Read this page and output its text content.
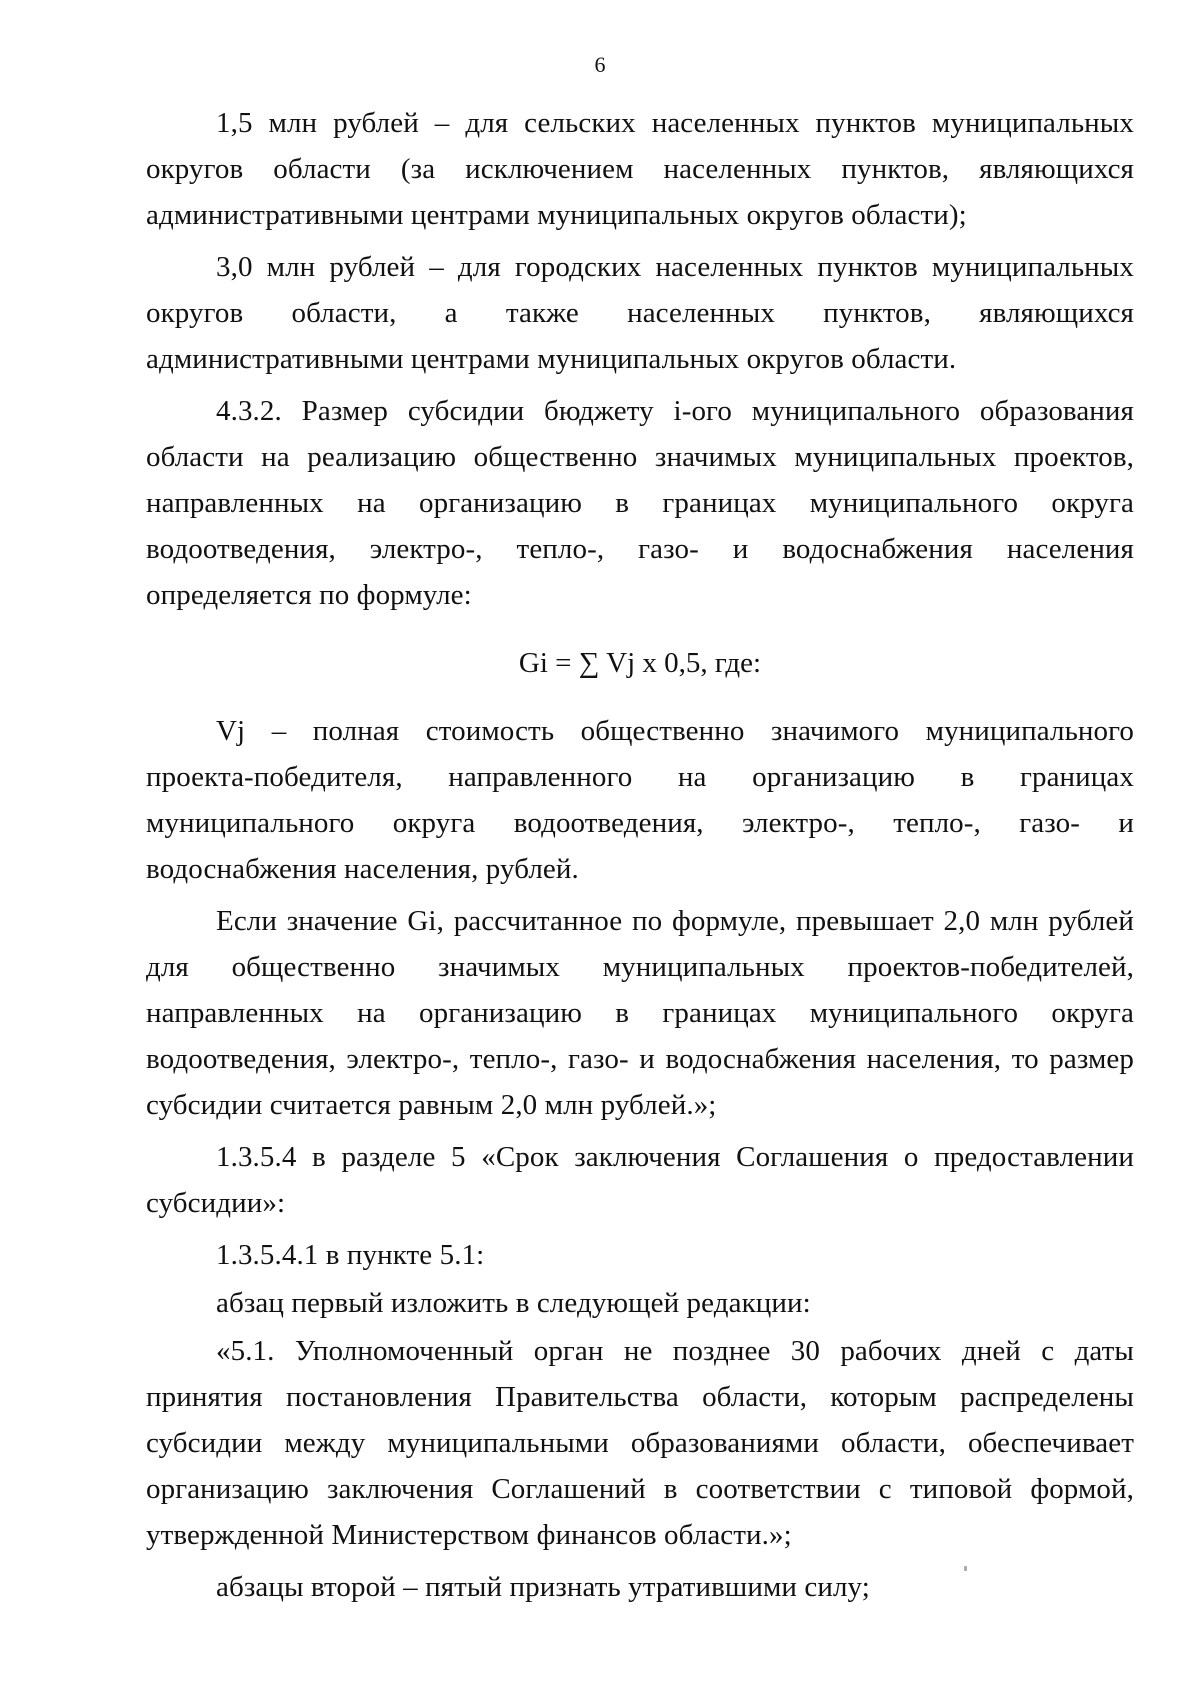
6

1,5 млн рублей – для сельских населенных пунктов муниципальных округов области (за исключением населенных пунктов, являющихся административными центрами муниципальных округов области);

3,0 млн рублей – для городских населенных пунктов муниципальных округов области, а также населенных пунктов, являющихся административными центрами муниципальных округов области.

4.3.2. Размер субсидии бюджету i-ого муниципального образования области на реализацию общественно значимых муниципальных проектов, направленных на организацию в границах муниципального округа водоотведения, электро-, тепло-, газо- и водоснабжения населения определяется по формуле:

Gi = ∑ Vj x 0,5, где:

Vj – полная стоимость общественно значимого муниципального проекта-победителя, направленного на организацию в границах муниципального округа водоотведения, электро-, тепло-, газо- и водоснабжения населения, рублей.

Если значение Gi, рассчитанное по формуле, превышает 2,0 млн рублей для общественно значимых муниципальных проектов-победителей, направленных на организацию в границах муниципального округа водоотведения, электро-, тепло-, газо- и водоснабжения населения, то размер субсидии считается равным 2,0 млн рублей.»;

1.3.5.4 в разделе 5 «Срок заключения Соглашения о предоставлении субсидии»:

1.3.5.4.1 в пункте 5.1:

абзац первый изложить в следующей редакции:

«5.1. Уполномоченный орган не позднее 30 рабочих дней с даты принятия постановления Правительства области, которым распределены субсидии между муниципальными образованиями области, обеспечивает организацию заключения Соглашений в соответствии с типовой формой, утвержденной Министерством финансов области.»;

абзацы второй – пятый признать утратившими силу;
